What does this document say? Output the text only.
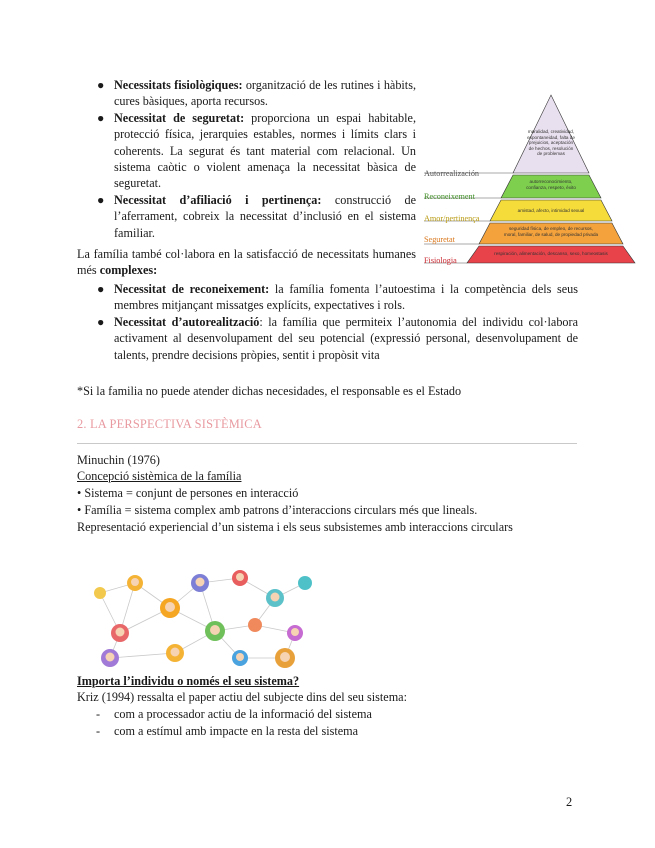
● Necessitats fisiològiques: organització de les rutines i hàbits, cures bàsiques, aporta recursos.
● Necessitat de seguretat: proporciona un espai habitable, protecció física, jerarquies estables, normes i límits clars i coherents. La segurat és tant material com relacional. Un sistema caòtic o violent amenaça la necessitat bàsica de seguretat.
● Necessitat d’afiliació i pertinença: construcció de l’aferrament, cobreix la necessitat d’inclusió en el sistema familiar.
moralidad, creatividad, espontaneidad, falta de prejuicios, aceptación de hechos, resolución de problemas
autorreconocimiento, confianza, respeto, éxito
amistad, afecto, intimidad sexual
seguridad física, de empleo, de recursos, moral, familiar, de salud, de propiedad privada
respiración, alimentación, descanso, sexo, homeostasis
Autorrealización
Reconeixement
Amor/pertinença
Seguretat
Fisiologia
La família també col·labora en la satisfacció de necessitats humanes més complexes:
● Necessitat de reconeixement: la família fomenta l’autoestima i la competència dels seus membres mitjançant missatges explícits, expectatives i rols.
● Necessitat d’autorealització: la família que permiteix l’autonomia del individu col·labora activament al desenvolupament del seu potencial (expressió personal, desenvolupament de talents, prendre decisions pròpies, sentit i propòsit vita
*Si la familia no puede atender dichas necesidades, el responsable es el Estado
2. LA PERSPECTIVA SISTÈMICA
Minuchin (1976)
Concepció sistèmica de la família
• Sistema = conjunt de persones en interacció
• Família = sistema complex amb patrons d’interaccions circulars més que lineals.
Representació experiencial d’un sistema i els seus subsistemes amb interaccions circulars
Importa l’individu o només el seu sistema?
Kriz (1994) ressalta el paper actiu del subjecte dins del seu sistema:
- com a processador actiu de la informació del sistema
- com a estímul amb impacte en la resta del sistema
2
